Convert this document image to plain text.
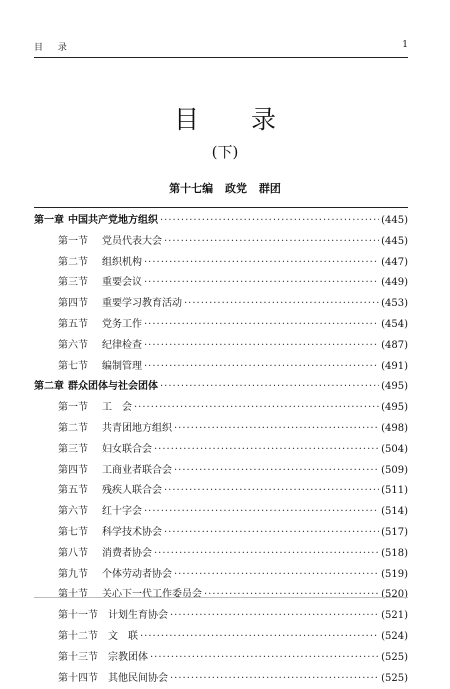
目 录	1
目 录
(下)
第十七编 政党 群团
第一章 中国共产党地方组织 ·····	(445)
第一节	党员代表大会 ·····	(445)
第二节	组织机构 ·····	(447)
第三节	重要会议 ·····	(449)
第四节	重要学习教育活动 ·····	(453)
第五节	党务工作 ·····	(454)
第六节	纪律检查 ·····	(487)
第七节	编制管理 ·····	(491)
第二章 群众团体与社会团体 ·····	(495)
第一节	工　会 ·····	(495)
第二节	共青团地方组织 ·····	(498)
第三节	妇女联合会 ·····	(504)
第四节	工商业者联合会 ·····	(509)
第五节	残疾人联合会 ·····	(511)
第六节	红十字会 ·····	(514)
第七节	科学技术协会 ·····	(517)
第八节	消费者协会 ·····	(518)
第九节	个体劳动者协会 ·····	(519)
第十节	关心下一代工作委员会 ·····	(520)
第十一节	计划生育协会 ·····	(521)
第十二节	文　联 ·····	(524)
第十三节	宗教团体 ·····	(525)
第十四节	其他民间协会 ·····	(525)
